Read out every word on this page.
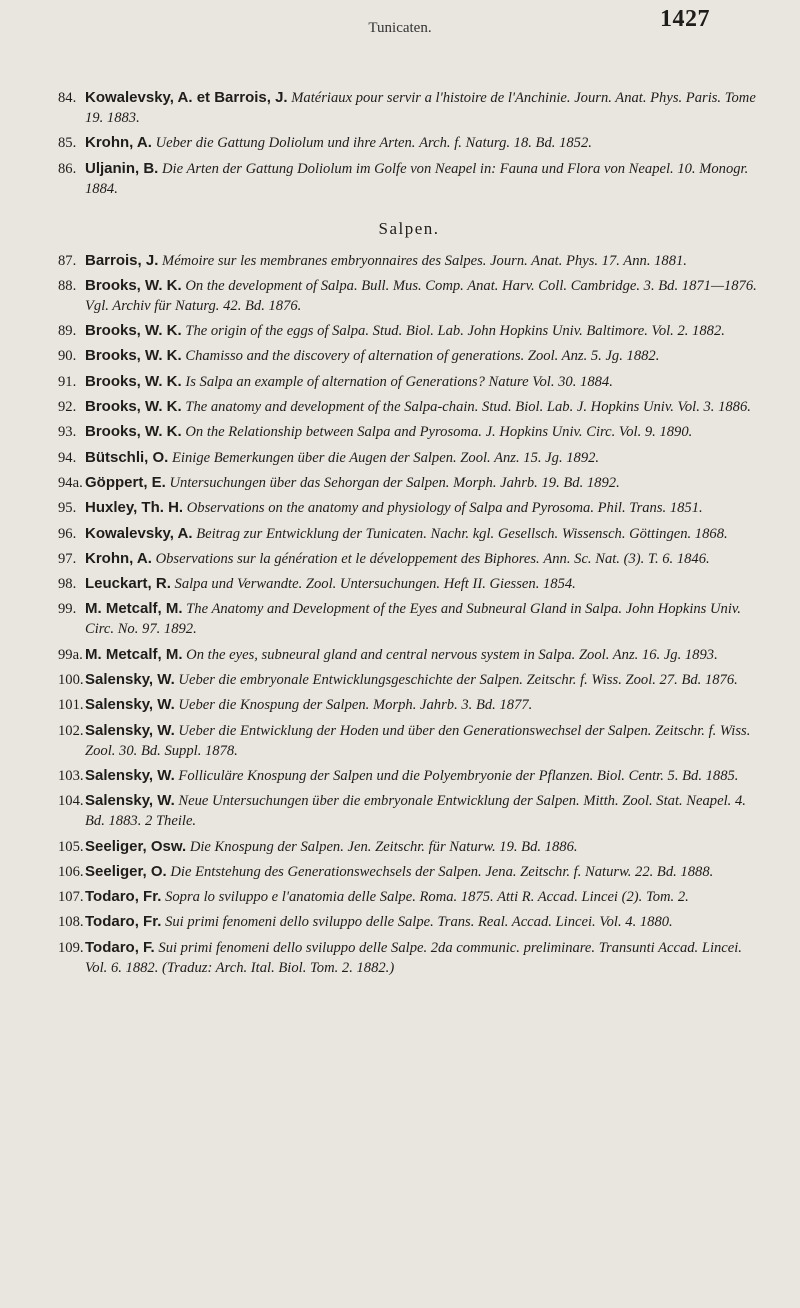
Tunicaten.	1427
84. Kowalevsky, A. et Barrois, J. Matériaux pour servir a l'histoire de l'Anchinie. Journ. Anat. Phys. Paris. Tome 19. 1883.
85. Krohn, A. Ueber die Gattung Doliolum und ihre Arten. Arch. f. Naturg. 18. Bd. 1852.
86. Uljanin, B. Die Arten der Gattung Doliolum im Golfe von Neapel in: Fauna und Flora von Neapel. 10. Monogr. 1884.
Salpen.
87. Barrois, J. Mémoire sur les membranes embryonnaires des Salpes. Journ. Anat. Phys. 17. Ann. 1881.
88. Brooks, W. K. On the development of Salpa. Bull. Mus. Comp. Anat. Harv. Coll. Cambridge. 3. Bd. 1871—1876. Vgl. Archiv für Naturg. 42. Bd. 1876.
89. Brooks, W. K. The origin of the eggs of Salpa. Stud. Biol. Lab. John Hopkins Univ. Baltimore. Vol. 2. 1882.
90. Brooks, W. K. Chamisso and the discovery of alternation of generations. Zool. Anz. 5. Jg. 1882.
91. Brooks, W. K. Is Salpa an example of alternation of Generations? Nature Vol. 30. 1884.
92. Brooks, W. K. The anatomy and development of the Salpa-chain. Stud. Biol. Lab. J. Hopkins Univ. Vol. 3. 1886.
93. Brooks, W. K. On the Relationship between Salpa and Pyrosoma. J. Hopkins Univ. Circ. Vol. 9. 1890.
94. Bütschli, O. Einige Bemerkungen über die Augen der Salpen. Zool. Anz. 15. Jg. 1892.
94a. Göppert, E. Untersuchungen über das Sehorgan der Salpen. Morph. Jahrb. 19. Bd. 1892.
95. Huxley, Th. H. Observations on the anatomy and physiology of Salpa and Pyrosoma. Phil. Trans. 1851.
96. Kowalevsky, A. Beitrag zur Entwicklung der Tunicaten. Nachr. kgl. Gesellsch. Wissensch. Göttingen. 1868.
97. Krohn, A. Observations sur la génération et le développement des Biphores. Ann. Sc. Nat. (3). T. 6. 1846.
98. Leuckart, R. Salpa und Verwandte. Zool. Untersuchungen. Heft II. Giessen. 1854.
99. M. Metcalf, M. The Anatomy and Development of the Eyes and Subneural Gland in Salpa. John Hopkins Univ. Circ. No. 97. 1892.
99a. M. Metcalf, M. On the eyes, subneural gland and central nervous system in Salpa. Zool. Anz. 16. Jg. 1893.
100. Salensky, W. Ueber die embryonale Entwicklungsgeschichte der Salpen. Zeitschr. f. Wiss. Zool. 27. Bd. 1876.
101. Salensky, W. Ueber die Knospung der Salpen. Morph. Jahrb. 3. Bd. 1877.
102. Salensky, W. Ueber die Entwicklung der Hoden und über den Generationswechsel der Salpen. Zeitschr. f. Wiss. Zool. 30. Bd. Suppl. 1878.
103. Salensky, W. Folliculäre Knospung der Salpen und die Polyembryonie der Pflanzen. Biol. Centr. 5. Bd. 1885.
104. Salensky, W. Neue Untersuchungen über die embryonale Entwicklung der Salpen. Mitth. Zool. Stat. Neapel. 4. Bd. 1883. 2 Theile.
105. Seeliger, Osw. Die Knospung der Salpen. Jen. Zeitschr. für Naturw. 19. Bd. 1886.
106. Seeliger, O. Die Entstehung des Generationswechsels der Salpen. Jena. Zeitschr. f. Naturw. 22. Bd. 1888.
107. Todaro, Fr. Sopra lo sviluppo e l'anatomia delle Salpe. Roma. 1875. Atti R. Accad. Lincei (2). Tom. 2.
108. Todaro, Fr. Sui primi fenomeni dello sviluppo delle Salpe. Trans. Real. Accad. Lincei. Vol. 4. 1880.
109. Todaro, F. Sui primi fenomeni dello sviluppo delle Salpe. 2da communic. preliminare. Transunti Accad. Lincei. Vol. 6. 1882. (Traduz: Arch. Ital. Biol. Tom. 2. 1882.)
